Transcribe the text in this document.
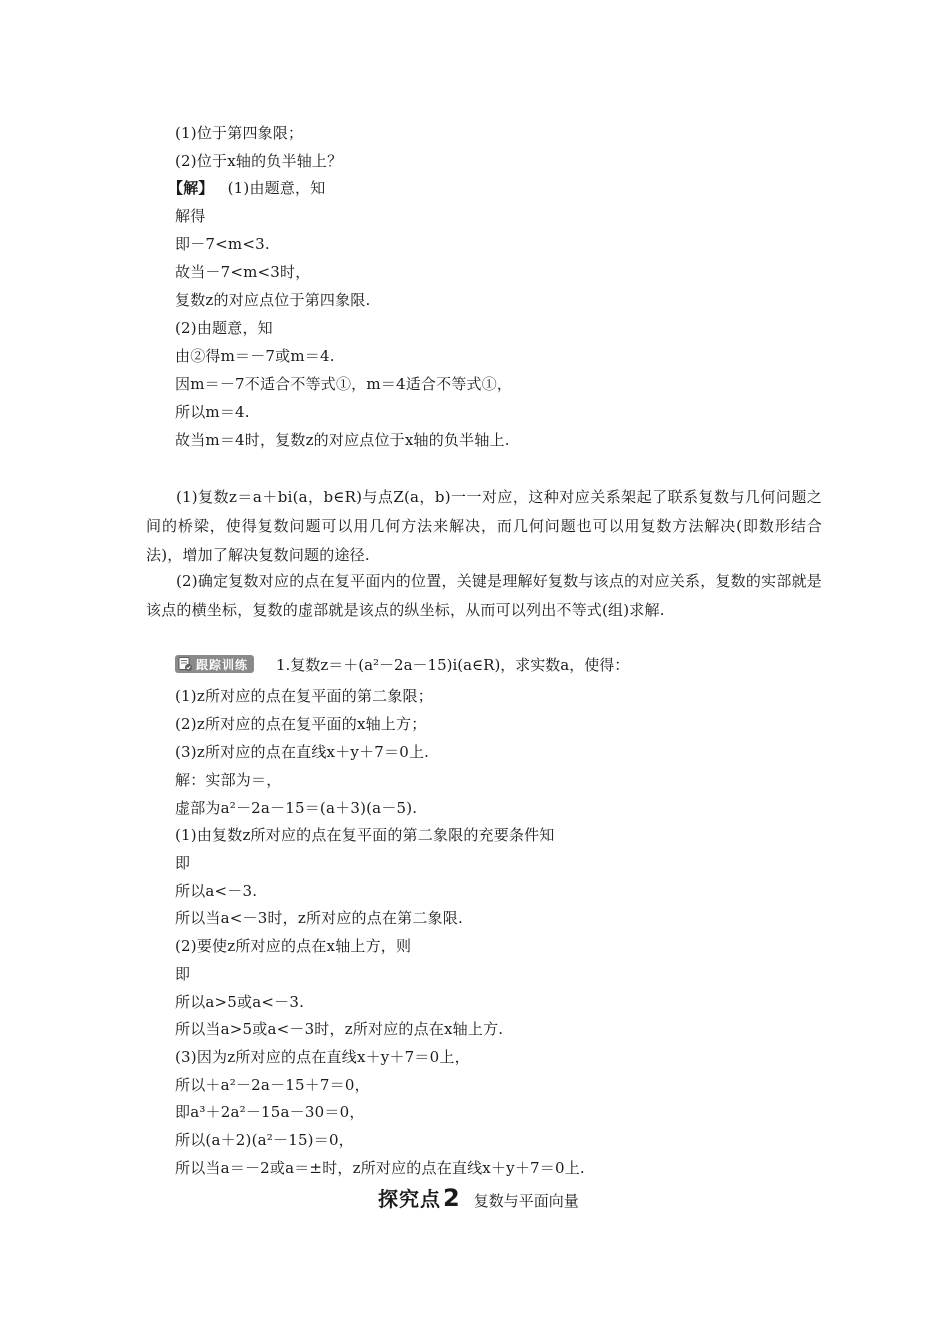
(1)位于第四象限；
(2)位于x轴的负半轴上？
【解】 (1)由题意，知
解得
即－7<m<3.
故当－7<m<3时，
复数z的对应点位于第四象限.
(2)由题意，知
由②得m＝－7或m＝4.
因m＝－7不适合不等式①，m＝4适合不等式①，
所以m＝4.
故当m＝4时，复数z的对应点位于x轴的负半轴上.
(1)复数z＝a＋bi(a，b∈R)与点Z(a，b)一一对应，这种对应关系架起了联系复数与几何问题之间的桥梁，使得复数问题可以用几何方法来解决，而几何问题也可以用复数方法解决(即数形结合法)，增加了解决复数问题的途径.
(2)确定复数对应的点在复平面内的位置，关键是理解好复数与该点的对应关系，复数的实部就是该点的横坐标，复数的虚部就是该点的纵坐标，从而可以列出不等式(组)求解.
跟踪训练 1.复数z＝＋(a²－2a－15)i(a∈R)，求实数a，使得：
(1)z所对应的点在复平面的第二象限；
(2)z所对应的点在复平面的x轴上方；
(3)z所对应的点在直线x＋y＋7＝0上.
解：实部为＝，
虚部为a²－2a－15＝(a＋3)(a－5).
(1)由复数z所对应的点在复平面的第二象限的充要条件知
即
所以a<－3.
所以当a<－3时，z所对应的点在第二象限.
(2)要使z所对应的点在x轴上方，则
即
所以a>5或a<－3.
所以当a>5或a<－3时，z所对应的点在x轴上方.
(3)因为z所对应的点在直线x＋y＋7＝0上，
所以＋a²－2a－15＋7＝0，
即a³＋2a²－15a－30＝0，
所以(a＋2)(a²－15)＝0，
所以当a＝－2或a＝±时，z所对应的点在直线x＋y＋7＝0上.
探究点 2 复数与平面向量
